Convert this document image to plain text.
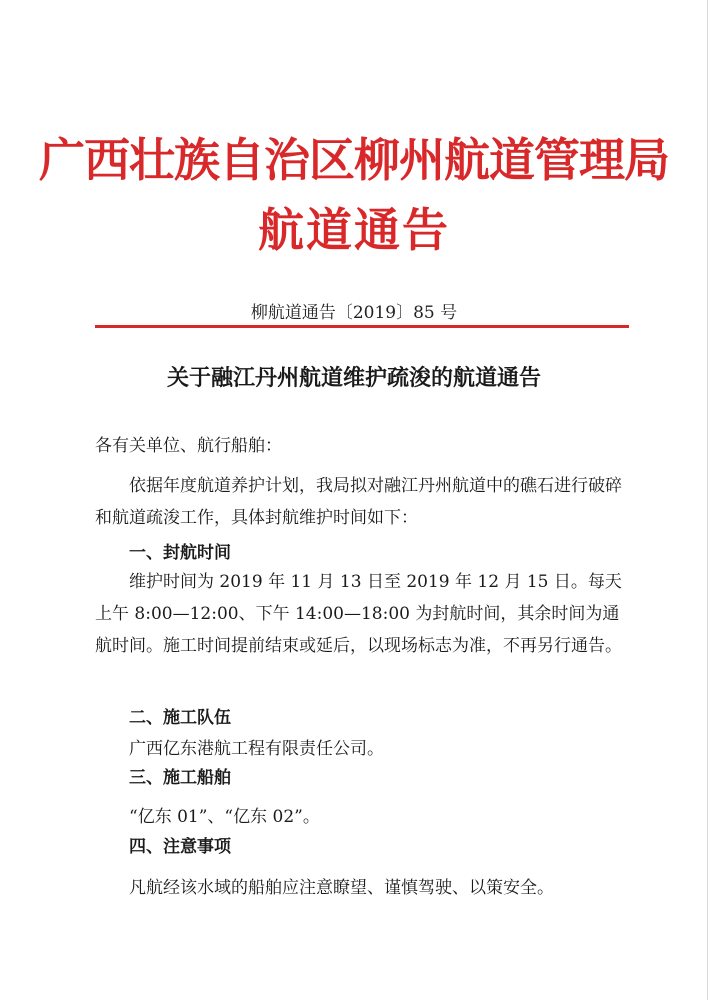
广西壮族自治区柳州航道管理局
航道通告
柳航道通告〔2019〕85 号
关于融江丹州航道维护疏浚的航道通告
各有关单位、航行船舶：
依据年度航道养护计划，我局拟对融江丹州航道中的礁石进行破碎和航道疏浚工作，具体封航维护时间如下：
一、封航时间
维护时间为 2019 年 11 月 13 日至 2019 年 12 月 15 日。每天上午 8:00—12:00、下午 14:00—18:00 为封航时间，其余时间为通航时间。施工时间提前结束或延后，以现场标志为准，不再另行通告。
二、施工队伍
广西亿东港航工程有限责任公司。
三、施工船舶
“亿东 01”、“亿东 02”。
四、注意事项
凡航经该水域的船舶应注意瞭望、谨慎驾驶、以策安全。
